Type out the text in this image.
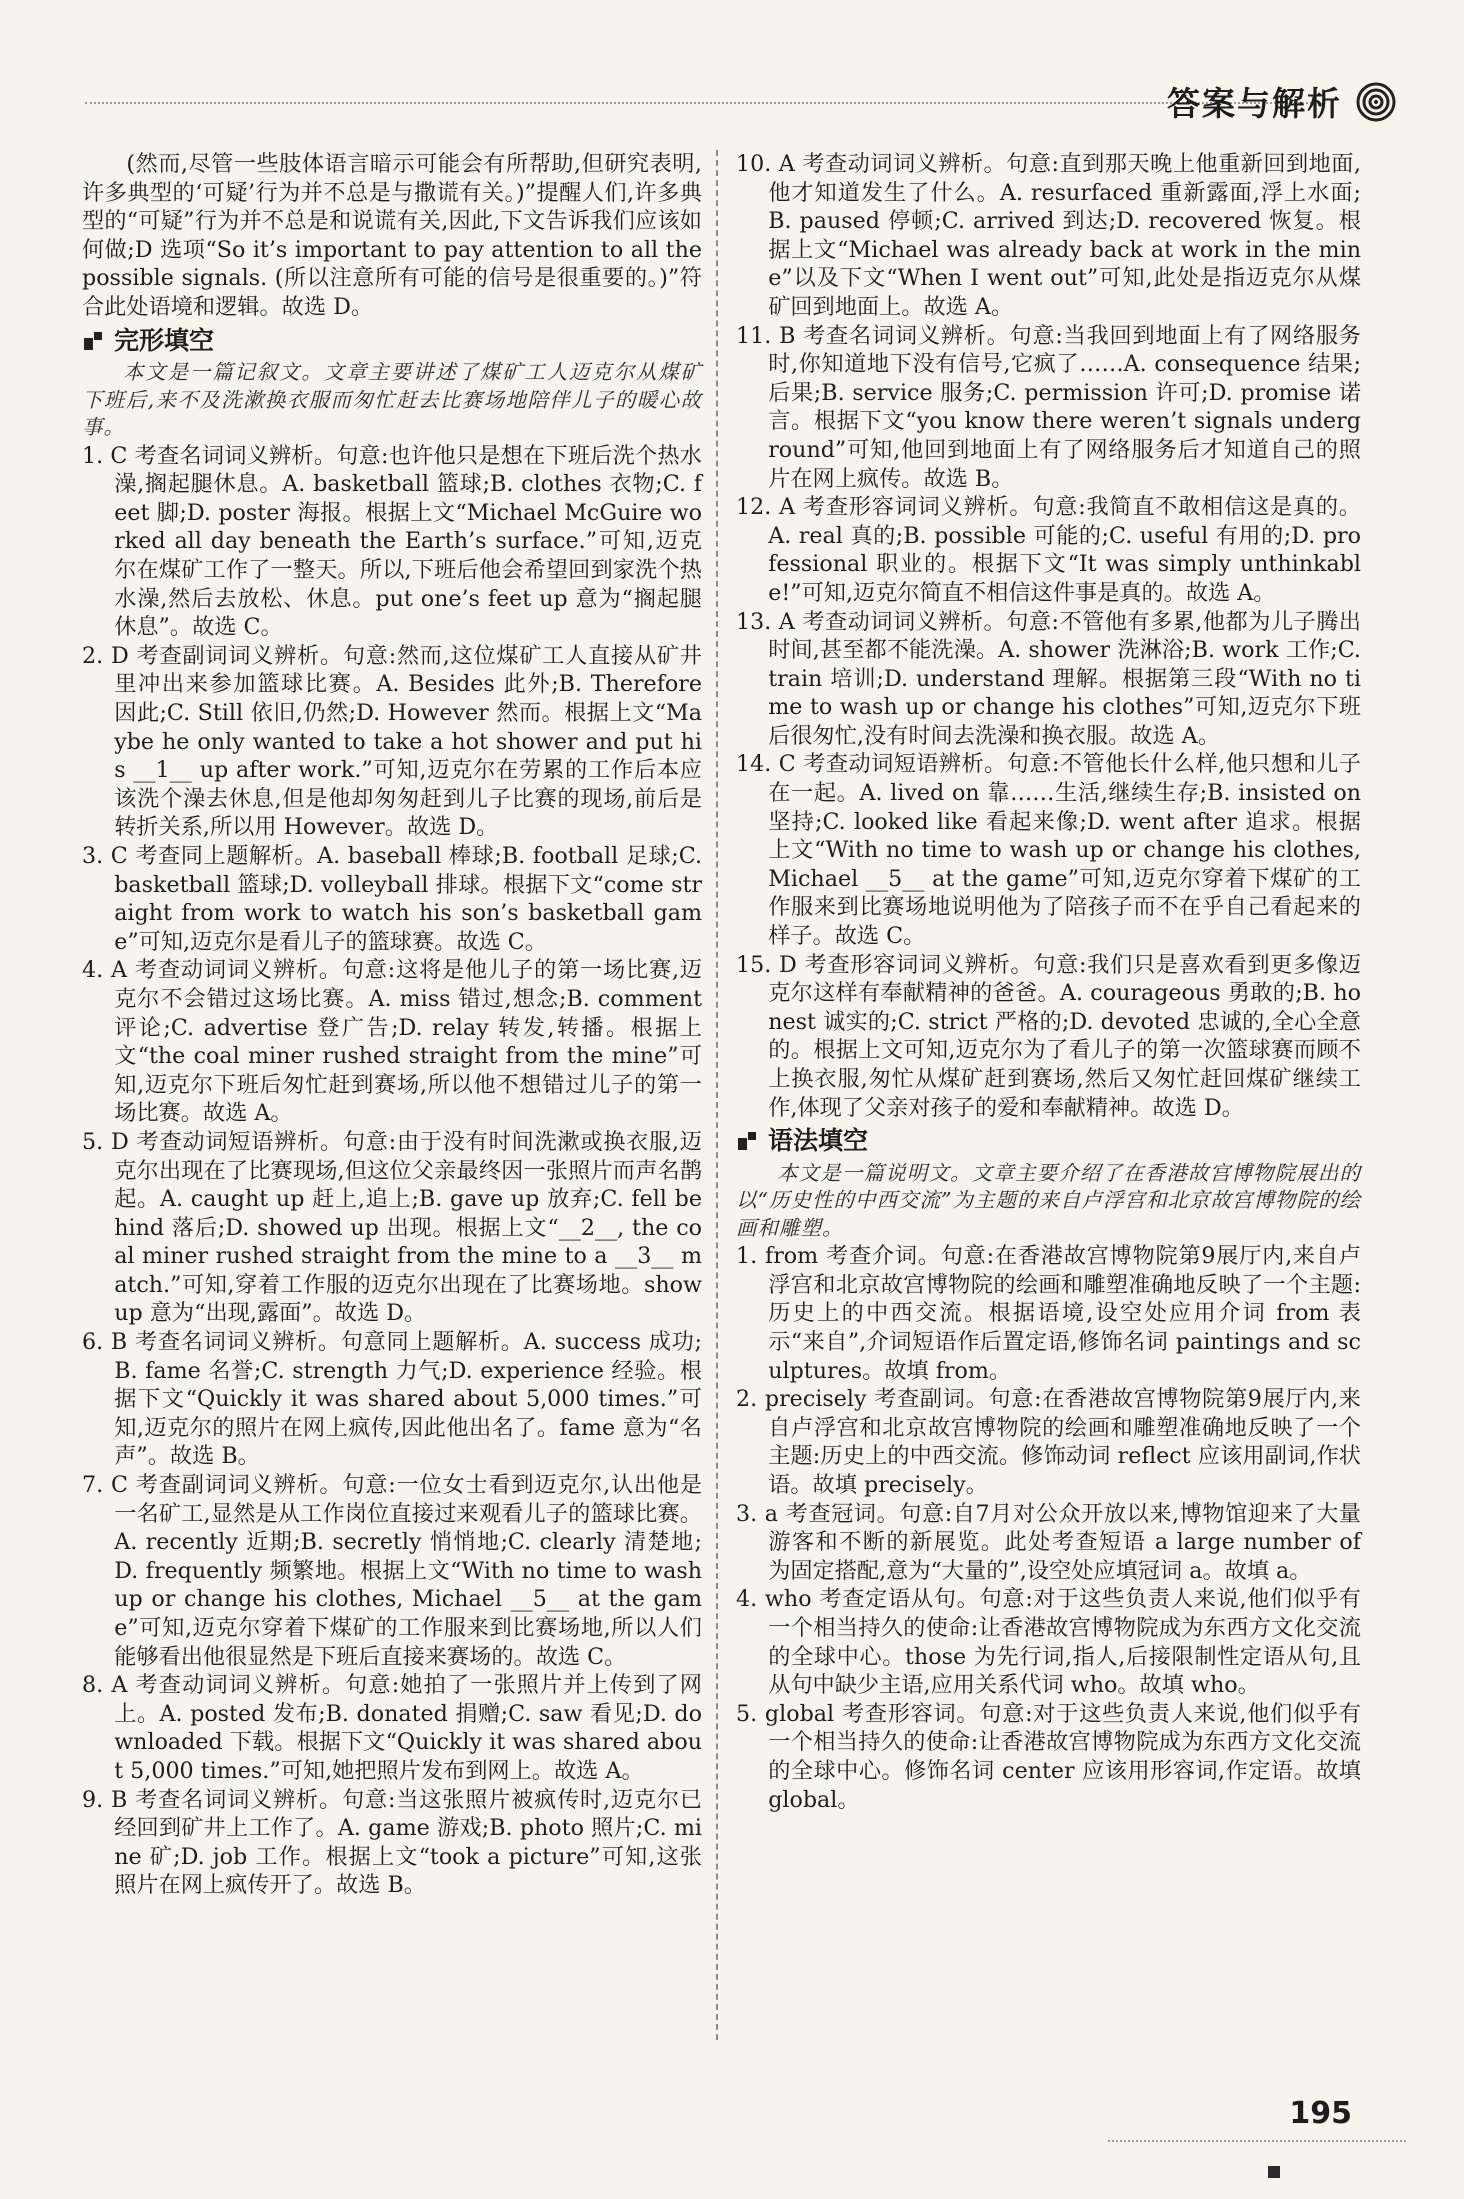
答案与解析

(然而,尽管一些肢体语言暗示可能会有所帮助,但研究表明,许多典型的‘可疑’行为并不总是与撒谎有关。)”提醒人们,许多典型的“可疑”行为并不总是和说谎有关,因此,下文告诉我们应该如何做;D 选项“So it’s important to pay attention to all the possible signals. (所以注意所有可能的信号是很重要的。)”符合此处语境和逻辑。故选 D。

完形填空

本文是一篇记叙文。文章主要讲述了煤矿工人迈克尔从煤矿下班后,来不及洗漱换衣服而匆忙赶去比赛场地陪伴儿子的暖心故事。

1. C 考查名词词义辨析。句意:也许他只是想在下班后洗个热水澡,搁起腿休息。A. basketball 篮球;B. clothes 衣物;C. feet 脚;D. poster 海报。根据上文“Michael McGuire worked all day beneath the Earth’s surface.”可知,迈克尔在煤矿工作了一整天。所以,下班后他会希望回到家洗个热水澡,然后去放松、休息。put one’s feet up 意为“搁起腿休息”。故选 C。

2. D 考查副词词义辨析。句意:然而,这位煤矿工人直接从矿井里冲出来参加篮球比赛。A. Besides 此外;B. Therefore 因此;C. Still 依旧,仍然;D. However 然而。根据上文“Maybe he only wanted to take a hot shower and put his __1__ up after work.”可知,迈克尔在劳累的工作后本应该洗个澡去休息,但是他却匆匆赶到儿子比赛的现场,前后是转折关系,所以用 However。故选 D。

3. C 考查同上题解析。A. baseball 棒球;B. football 足球;C. basketball 篮球;D. volleyball 排球。根据下文“come straight from work to watch his son’s basketball game”可知,迈克尔是看儿子的篮球赛。故选 C。

4. A 考查动词词义辨析。句意:这将是他儿子的第一场比赛,迈克尔不会错过这场比赛。A. miss 错过,想念;B. comment 评论;C. advertise 登广告;D. relay 转发,转播。根据上文“the coal miner rushed straight from the mine”可知,迈克尔下班后匆忙赶到赛场,所以他不想错过儿子的第一场比赛。故选 A。

5. D 考查动词短语辨析。句意:由于没有时间洗漱或换衣服,迈克尔出现在了比赛现场,但这位父亲最终因一张照片而声名鹊起。A. caught up 赶上,追上;B. gave up 放弃;C. fell behind 落后;D. showed up 出现。根据上文“__2__, the coal miner rushed straight from the mine to a __3__ match.”可知,穿着工作服的迈克尔出现在了比赛场地。show up 意为“出现,露面”。故选 D。

6. B 考查名词词义辨析。句意同上题解析。A. success 成功;B. fame 名誉;C. strength 力气;D. experience 经验。根据下文“Quickly it was shared about 5,000 times.”可知,迈克尔的照片在网上疯传,因此他出名了。fame 意为“名声”。故选 B。

7. C 考查副词词义辨析。句意:一位女士看到迈克尔,认出他是一名矿工,显然是从工作岗位直接过来观看儿子的篮球比赛。A. recently 近期;B. secretly 悄悄地;C. clearly 清楚地;D. frequently 频繁地。根据上文“With no time to wash up or change his clothes, Michael __5__ at the game”可知,迈克尔穿着下煤矿的工作服来到比赛场地,所以人们能够看出他很显然是下班后直接来赛场的。故选 C。

8. A 考查动词词义辨析。句意:她拍了一张照片并上传到了网上。A. posted 发布;B. donated 捐赠;C. saw 看见;D. downloaded 下载。根据下文“Quickly it was shared about 5,000 times.”可知,她把照片发布到网上。故选 A。

9. B 考查名词词义辨析。句意:当这张照片被疯传时,迈克尔已经回到矿井上工作了。A. game 游戏;B. photo 照片;C. mine 矿;D. job 工作。根据上文“took a picture”可知,这张照片在网上疯传开了。故选 B。

10. A 考查动词词义辨析。句意:直到那天晚上他重新回到地面,他才知道发生了什么。A. resurfaced 重新露面,浮上水面;B. paused 停顿;C. arrived 到达;D. recovered 恢复。根据上文“Michael was already back at work in the mine”以及下文“When I went out”可知,此处是指迈克尔从煤矿回到地面上。故选 A。

11. B 考查名词词义辨析。句意:当我回到地面上有了网络服务时,你知道地下没有信号,它疯了……A. consequence 结果;后果;B. service 服务;C. permission 许可;D. promise 诺言。根据下文“you know there weren’t signals underground”可知,他回到地面上有了网络服务后才知道自己的照片在网上疯传。故选 B。

12. A 考查形容词词义辨析。句意:我简直不敢相信这是真的。A. real 真的;B. possible 可能的;C. useful 有用的;D. professional 职业的。根据下文“It was simply unthinkable!”可知,迈克尔简直不相信这件事是真的。故选 A。

13. A 考查动词词义辨析。句意:不管他有多累,他都为儿子腾出时间,甚至都不能洗澡。A. shower 洗淋浴;B. work 工作;C. train 培训;D. understand 理解。根据第三段“With no time to wash up or change his clothes”可知,迈克尔下班后很匆忙,没有时间去洗澡和换衣服。故选 A。

14. C 考查动词短语辨析。句意:不管他长什么样,他只想和儿子在一起。A. lived on 靠……生活,继续生存;B. insisted on 坚持;C. looked like 看起来像;D. went after 追求。根据上文“With no time to wash up or change his clothes, Michael __5__ at the game”可知,迈克尔穿着下煤矿的工作服来到比赛场地说明他为了陪孩子而不在乎自己看起来的样子。故选 C。

15. D 考查形容词词义辨析。句意:我们只是喜欢看到更多像迈克尔这样有奉献精神的爸爸。A. courageous 勇敢的;B. honest 诚实的;C. strict 严格的;D. devoted 忠诚的,全心全意的。根据上文可知,迈克尔为了看儿子的第一次篮球赛而顾不上换衣服,匆忙从煤矿赶到赛场,然后又匆忙赶回煤矿继续工作,体现了父亲对孩子的爱和奉献精神。故选 D。

语法填空

本文是一篇说明文。文章主要介绍了在香港故宫博物院展出的以“历史性的中西交流”为主题的来自卢浮宫和北京故宫博物院的绘画和雕塑。

1. from 考查介词。句意:在香港故宫博物院第9展厅内,来自卢浮宫和北京故宫博物院的绘画和雕塑准确地反映了一个主题:历史上的中西交流。根据语境,设空处应用介词 from 表示“来自”,介词短语作后置定语,修饰名词 paintings and sculptures。故填 from。

2. precisely 考查副词。句意:在香港故宫博物院第9展厅内,来自卢浮宫和北京故宫博物院的绘画和雕塑准确地反映了一个主题:历史上的中西交流。修饰动词 reflect 应该用副词,作状语。故填 precisely。

3. a 考查冠词。句意:自7月对公众开放以来,博物馆迎来了大量游客和不断的新展览。此处考查短语 a large number of 为固定搭配,意为“大量的”,设空处应填冠词 a。故填 a。

4. who 考查定语从句。句意:对于这些负责人来说,他们似乎有一个相当持久的使命:让香港故宫博物院成为东西方文化交流的全球中心。those 为先行词,指人,后接限制性定语从句,且从句中缺少主语,应用关系代词 who。故填 who。

5. global 考查形容词。句意:对于这些负责人来说,他们似乎有一个相当持久的使命:让香港故宫博物院成为东西方文化交流的全球中心。修饰名词 center 应该用形容词,作定语。故填 global。

195
